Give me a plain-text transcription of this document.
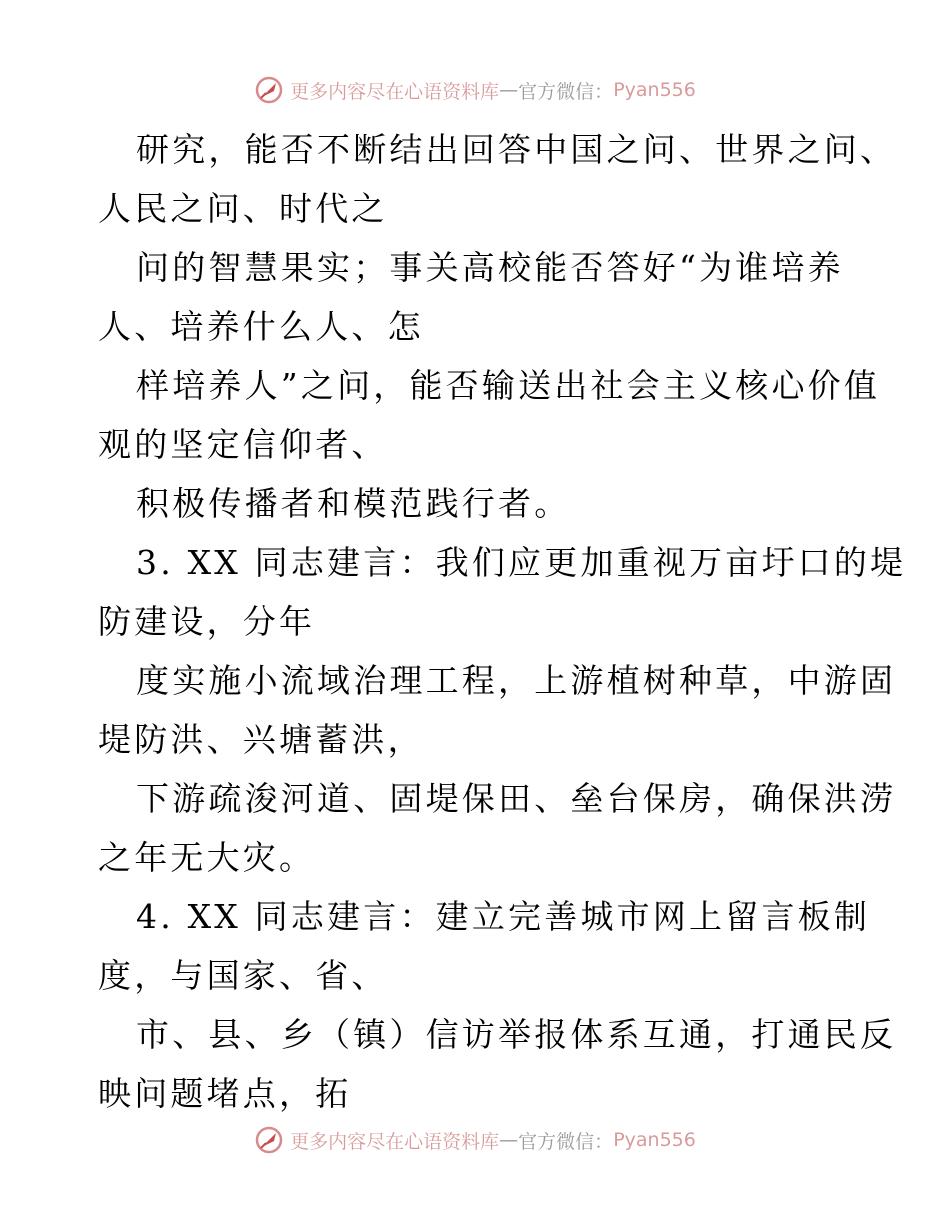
更多内容尽在心语资料库 — 官方微信： Pyan556
研究，能否不断结出回答中国之问、世界之问、
人民之问、时代之
问的智慧果实；事关高校能否答好“为谁培养
人、培养什么人、怎
样培养人”之问，能否输送出社会主义核心价值
观的坚定信仰者、
积极传播者和模范践行者。
3. XX 同志建言：我们应更加重视万亩圩口的堤
防建设，分年
度实施小流域治理工程，上游植树种草，中游固
堤防洪、兴塘蓄洪，
下游疏浚河道、固堤保田、垒台保房，确保洪涝
之年无大灾。
4. XX 同志建言：建立完善城市网上留言板制
度，与国家、省、
市、县、乡（镇）信访举报体系互通，打通民反
映问题堵点，拓
更多内容尽在心语资料库 — 官方微信： Pyan556
